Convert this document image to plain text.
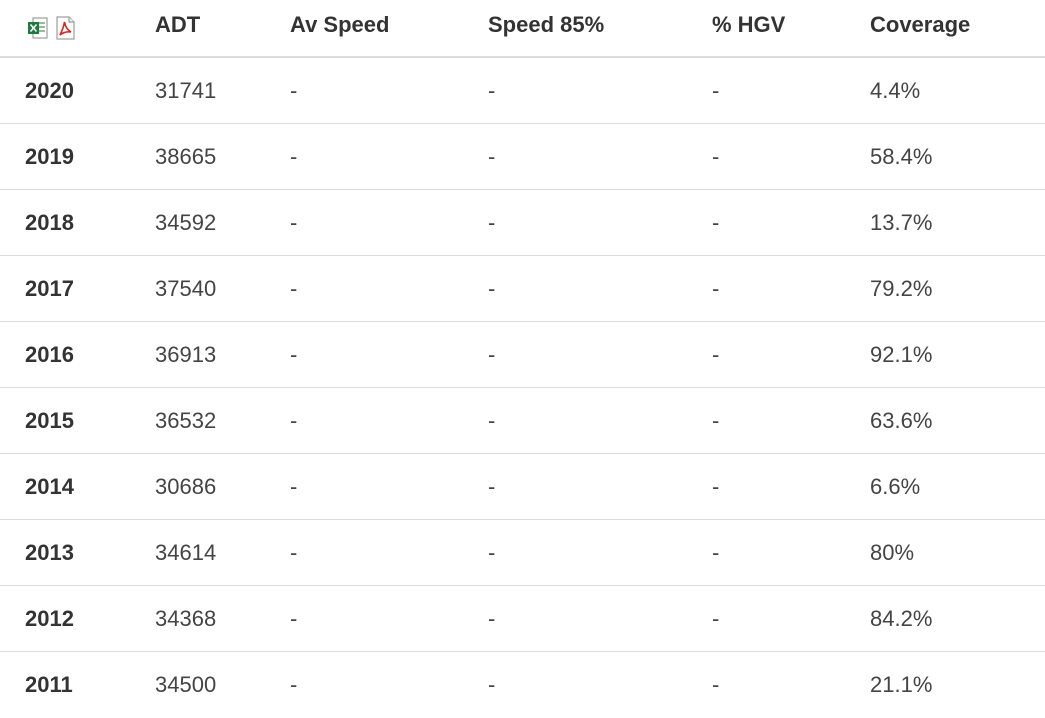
ADT	Av Speed	Speed 85%	% HGV	Coverage
2020	31741	-	-	-	4.4%
2019	38665	-	-	-	58.4%
2018	34592	-	-	-	13.7%
2017	37540	-	-	-	79.2%
2016	36913	-	-	-	92.1%
2015	36532	-	-	-	63.6%
2014	30686	-	-	-	6.6%
2013	34614	-	-	-	80%
2012	34368	-	-	-	84.2%
2011	34500	-	-	-	21.1%
